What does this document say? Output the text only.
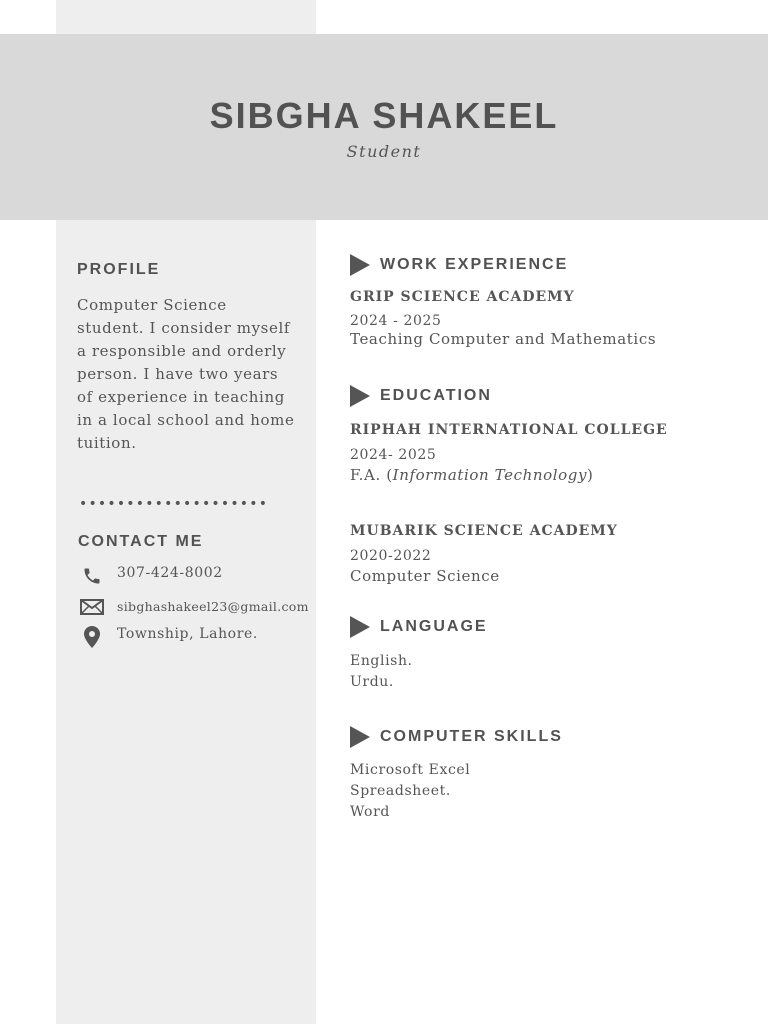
SIBGHA SHAKEEL
Student
PROFILE
Computer Science student. I consider myself a responsible and orderly person. I have two years of experience in teaching in a local school and home tuition.
••••••••••••••••••••
CONTACT ME
307-424-8002
sibghashakeel23@gmail.com
Township, Lahore.
WORK EXPERIENCE
GRIP SCIENCE ACADEMY
2024 - 2025
Teaching Computer and Mathematics
EDUCATION
RIPHAH INTERNATIONAL COLLEGE
2024- 2025
F.A. (Information Technology)
MUBARIK SCIENCE ACADEMY
2020-2022
Computer Science
LANGUAGE
English.
Urdu.
COMPUTER SKILLS
Microsoft Excel
Spreadsheet.
Word
